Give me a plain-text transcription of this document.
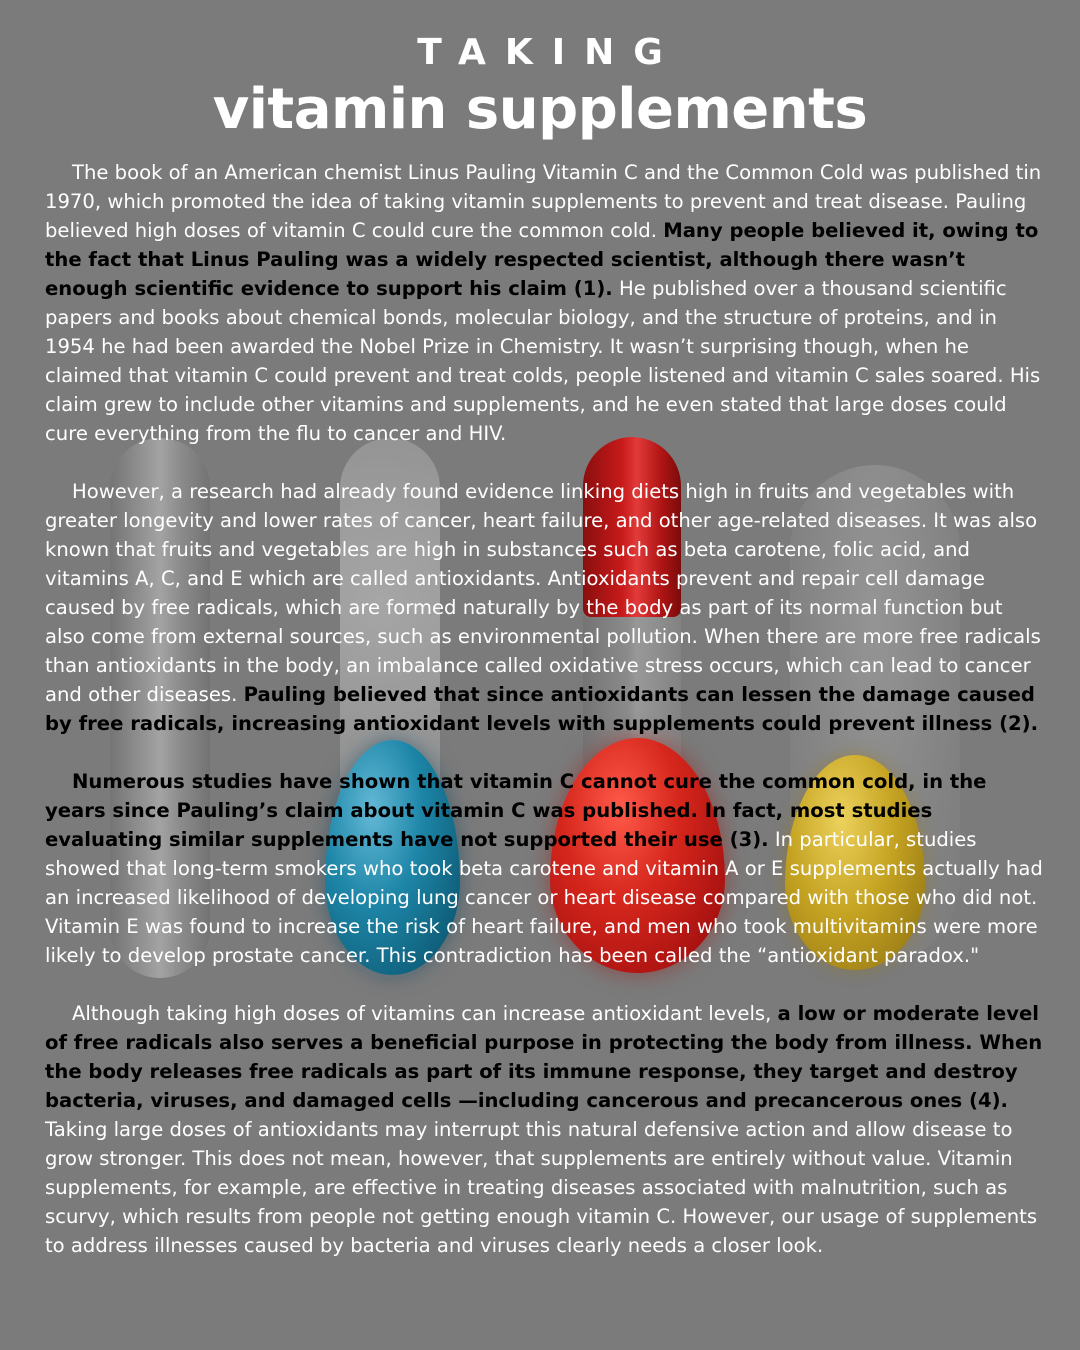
TAKING
vitamin supplements

The book of an American chemist Linus Pauling Vitamin C and the Common Cold was published tin 1970, which promoted the idea of taking vitamin supplements to prevent and treat disease. Pauling believed high doses of vitamin C could cure the common cold. Many people believed it, owing to the fact that Linus Pauling was a widely respected scientist, although there wasn’t enough scientific evidence to support his claim (1). He published over a thousand scientific papers and books about chemical bonds, molecular biology, and the structure of proteins, and in 1954 he had been awarded the Nobel Prize in Chemistry. It wasn’t surprising though, when he claimed that vitamin C could prevent and treat colds, people listened and vitamin C sales soared. His claim grew to include other vitamins and supplements, and he even stated that large doses could cure everything from the flu to cancer and HIV.

However, a research had already found evidence linking diets high in fruits and vegetables with greater longevity and lower rates of cancer, heart failure, and other age-related diseases. It was also known that fruits and vegetables are high in substances such as beta carotene, folic acid, and vitamins A, C, and E which are called antioxidants. Antioxidants prevent and repair cell damage caused by free radicals, which are formed naturally by the body as part of its normal function but also come from external sources, such as environmental pollution. When there are more free radicals than antioxidants in the body, an imbalance called oxidative stress occurs, which can lead to cancer and other diseases. Pauling believed that since antioxidants can lessen the damage caused by free radicals, increasing antioxidant levels with supplements could prevent illness (2).

Numerous studies have shown that vitamin C cannot cure the common cold, in the years since Pauling’s claim about vitamin C was published. In fact, most studies evaluating similar supplements have not supported their use (3). In particular, studies showed that long-term smokers who took beta carotene and vitamin A or E supplements actually had an increased likelihood of developing lung cancer or heart disease compared with those who did not. Vitamin E was found to increase the risk of heart failure, and men who took multivitamins were more likely to develop prostate cancer. This contradiction has been called the “antioxidant paradox."

Although taking high doses of vitamins can increase antioxidant levels, a low or moderate level of free radicals also serves a beneficial purpose in protecting the body from illness. When the body releases free radicals as part of its immune response, they target and destroy bacteria, viruses, and damaged cells —including cancerous and precancerous ones (4). Taking large doses of antioxidants may interrupt this natural defensive action and allow disease to grow stronger. This does not mean, however, that supplements are entirely without value. Vitamin supplements, for example, are effective in treating diseases associated with malnutrition, such as scurvy, which results from people not getting enough vitamin C. However, our usage of supplements to address illnesses caused by bacteria and viruses clearly needs a closer look.
